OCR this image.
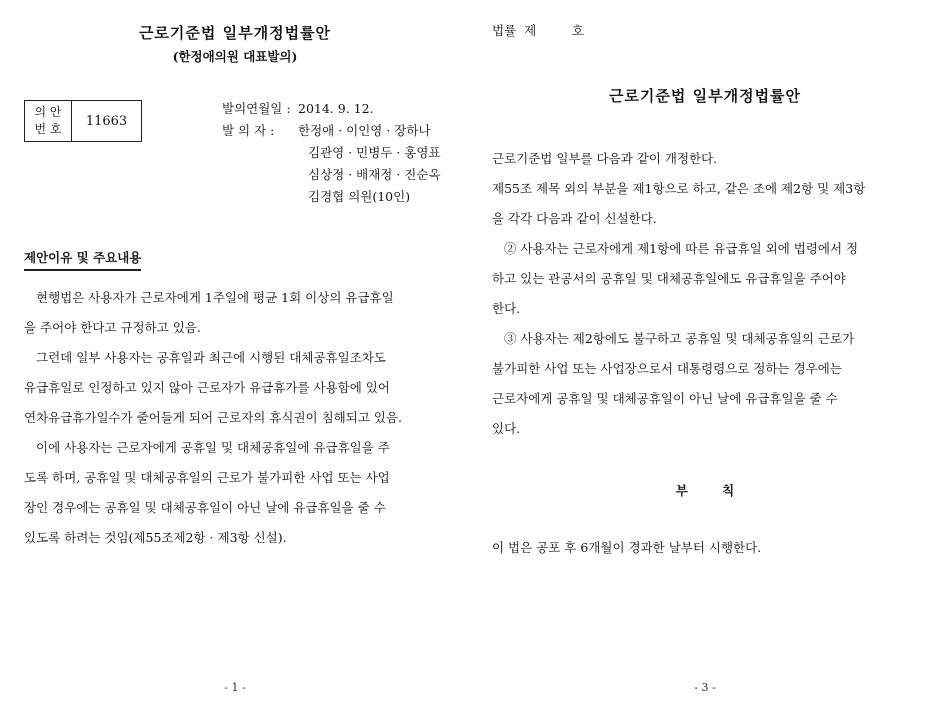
근로기준법 일부개정법률안
(한정애의원 대표발의)
의 안
번 호
11663
발의연월일 : 2014. 9. 12.
발 의 자 :	한정애 · 이인영 · 장하나
김관영 · 민병두 · 홍영표
심상정 · 배재정 · 진순옥
김경협 의원(10인)
제안이유 및 주요내용
현행법은 사용자가 근로자에게 1주일에 평균 1회 이상의 유급휴일
을 주어야 한다고 규정하고 있음.
그런데 일부 사용자는 공휴일과 최근에 시행된 대체공휴일조차도
유급휴일로 인정하고 있지 않아 근로자가 유급휴가를 사용함에 있어
연차유급휴가일수가 줄어들게 되어 근로자의 휴식권이 침해되고 있음.
이에 사용자는 근로자에게 공휴일 및 대체공휴일에 유급휴일을 주
도록 하며, 공휴일 및 대체공휴일의 근로가 불가피한 사업 또는 사업
장인 경우에는 공휴일 및 대체공휴일이 아닌 날에 유급휴일을 줄 수
있도록 하려는 것임(제55조제2항 · 제3항 신설).
- 1 -
법률  제         호
근로기준법 일부개정법률안
근로기준법 일부를 다음과 같이 개정한다.
제55조 제목 외의 부분을 제1항으로 하고, 같은 조에 제2항 및 제3항
을 각각 다음과 같이 신설한다.
② 사용자는 근로자에게 제1항에 따른 유급휴일 외에 법령에서 정
하고 있는 관공서의 공휴일 및 대체공휴일에도 유급휴일을 주어야
한다.
③ 사용자는 제2항에도 불구하고 공휴일 및 대체공휴일의 근로가
불가피한 사업 또는 사업장으로서 대통령령으로 정하는 경우에는
근로자에게 공휴일 및 대체공휴일이 아닌 날에 유급휴일을 줄 수
있다.
부 칙
이 법은 공포 후 6개월이 경과한 날부터 시행한다.
- 3 -
